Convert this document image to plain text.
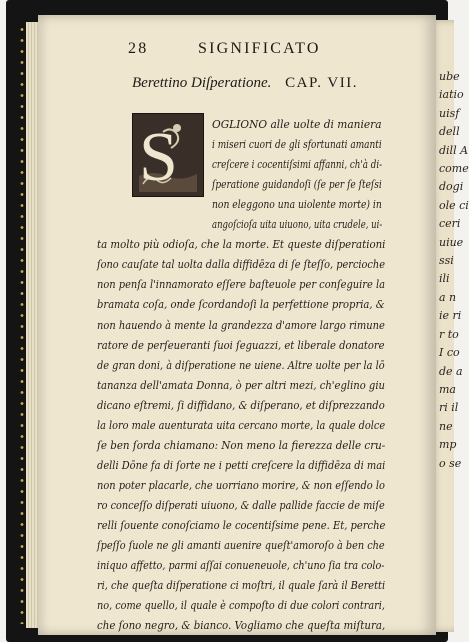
ube
iatio
uisf
dell
dill A
come
dogi
ole ci
ceri
uiue
ssi
ili
a n
ie ri
r to
I co
de a
ma
ri il
ne
mp
o se
28	SIGNIFICATO
Berettino Diſperatione. CAP. VII.
S	OGLIONO alle uolte di maniera
i miseri cuori de gli sfortunati amanti
creſcere i cocentiſsimi affanni, ch'à di-
ſperatione guidandoſi (ſe per ſe ſteſsi
non eleggono una uiolente morte) in
angoſcioſa uita uiuono, uita crudele, ui-
ta molto più odioſa, che la morte. Et queste diſperationi
ſono cauſate tal uolta dalla diffidēza di ſe ſteſſo, percioche
non penſa l'innamorato eſſere baſteuole per conſeguire la
bramata coſa, onde ſcordandoſi la perfettione propria, &
non hauendo à mente la grandezza d'amore largo rimune
ratore de perſeueranti ſuoi ſeguazzi, et liberale donatore
de gran doni, à diſperatione ne uiene. Altre uolte per la lō
tananza dell'amata Donna, ò per altri mezi, ch'eglino giu
dicano eſtremi, ſi diffidano, & diſperano, et diſprezzando
la loro male auenturata uita cercano morte, la quale dolce
ſe ben ſorda chiamano: Non meno la fierezza delle cru-
delli Dōne fa di ſorte ne i petti creſcere la diffidēza di mai
non poter placarle, che uorriano morire, & non eſſendo lo
ro conceſſo diſperati uiuono, & dalle pallide faccie de miſe
relli ſouente conoſciamo le cocentiſsime pene. Et, perche
ſpeſſo ſuole ne gli amanti auenire queſt'amoroſo à ben che
iniquo affetto, parmi aſſai conueneuole, ch'uno ſia tra colo-
ri, che queſta diſperatione ci moſtri, il quale ſarà il Beretti
no, come quello, il quale è compoſto di due colori contrari,
che ſono negro, & bianco. Vogliamo che queſta miſtura,
